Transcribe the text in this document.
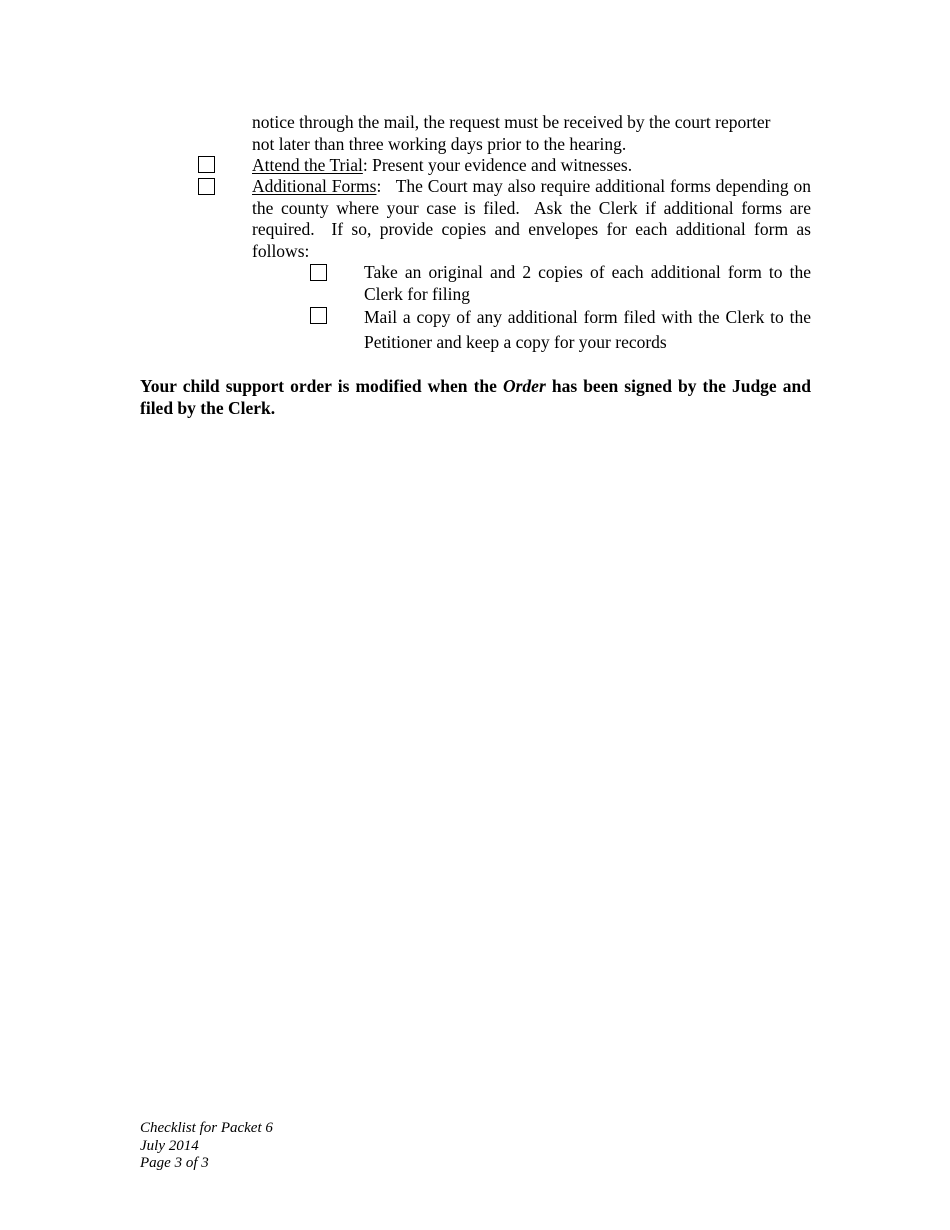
notice through the mail, the request must be received by the court reporter
not later than three working days prior to the hearing.
Attend the Trial: Present your evidence and witnesses.
Additional Forms:   The Court may also require additional forms depending on the county where your case is filed.  Ask the Clerk if additional forms are required.  If so, provide copies and envelopes for each additional form as follows:
Take an original and 2 copies of each additional form to the Clerk for filing
Mail a copy of any additional form filed with the Clerk to the Petitioner and keep a copy for your records
Your child support order is modified when the Order has been signed by the Judge and filed by the Clerk.
Checklist for Packet 6
July 2014
Page 3 of 3
